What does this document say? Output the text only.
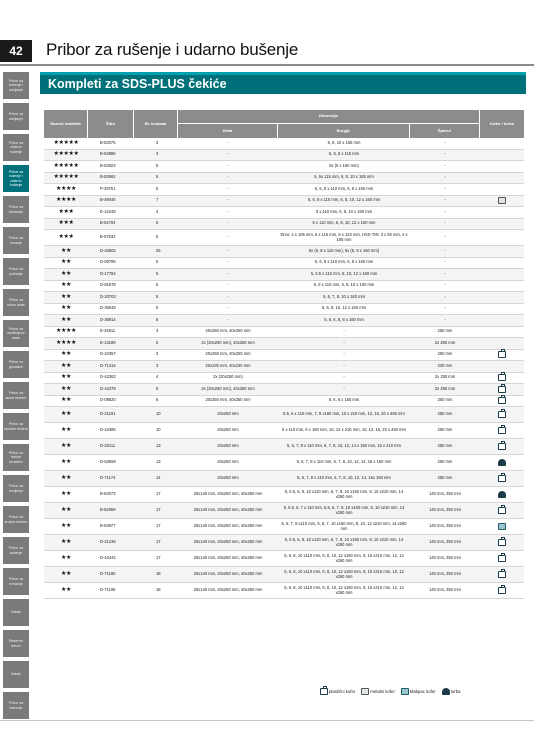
42	Pribor za rušenje i udarno bušenje
Pribor za bušenje i odvijanje
Pribor za odvijanje
Pribor za udarno bušenje
Pribor za rušenje i udarno bušenje
Pribor za brušenje
Pribor za rezanje
Pribor za poliranje
Pribor za ručne alate
Pribor za oscilirajuće alate
Pribor za glodalice
Pribor za stone testere
Pribor za ubodne testere
Pribor za tračne brusilice
Pribor za lemljenje
Pribor za kružne testere
Pribor za sečenje
Pribor za mešanje
Ostalo
Rezervni delovi
Ostalo
Pribor za merenje
Kompleti za SDS-PLUS čekiće
Razred kvaliteta	Šifra	Br. komada
Dimenzije
Dleta	Burgije	Špiceri
Kofer / torba
★★★★★	B-53075	3	-	6, 8, 10 x 165 mm	-
★★★★★	B-53986	3	-	5, 6, 8 x 115 mm	-
★★★★★	B-53923	5	-	5x (6 x 160 mm)	-
★★★★★	B-53992	5	-	5, 6x 115 mm, 6, 8, 10 x 165 mm	-
★★★★	P-29751	5	-	5, 6, 8 x 110 mm, 6, 8 x 160 mm	-
★★★★	B-49046	7	-	5, 6, 8 x 110 mm, 6, 8, 10, 12 x 160 mm	-
★★★	E-14249	4	-	5 x 110 mm, 6, 8, 10 x 160 mm	-
★★★	B-54704	5	-	6 x 110 mm, 6, 8, 10, 12 x 160 mm	-
★★★	B-57532	5	-	Drvo: 4 x 105 mm, 5 x 116 mm, 6 x 123 mm, HSS-TIN: 3 x 60 mm, 4 x 105 mm	-
★★	D-40602	25	-	5x (6, 8 x 110 mm), 5x (5, 8 x 160 mm)	-
★★	D-00785	5	-	5, 6, 8 x 110 mm, 6, 8 x 160 mm	-
★★	D-17784	5	-	5, 6.5 x 110 mm, 8, 10, 12 x 160 mm	-
★★	D-81878	5	-	6, 8 x 110 mm, 6, 8, 10 x 160 mm	-
★★	D-20703	5	-	5, 6, 7, 8, 10 x 160 mm	-
★★	D-36049	5	-	6, 6, 8, 10, 12 x 160 mm	-
★★	D-36914	5	-	5, 6, 6, 8, 8 x 160 mm	-
★★★★	E-34911	3	20x250 mm, 40x250 mm	-	250 mm
★★★★	E-13189	5	2x (20x250 mm), 40x250 mm	-	2x 250 mm
★★	D-42357	3	20x250 mm, 40x250 mm	-	250 mm
★★	D-71314	3	20x230 mm, 40x230 mm	-	230 mm
★★	D-42363	4	2x (20x250 mm)	-	2x 250 mm
★★	D-42379	5	2x (20x250 mm), 40x250 mm	-	2x 250 mm
★★	D-08820	6	20x250 mm, 40x250 mm	5, 6, 8 x 160 mm	250 mm
★★	D-21191	10	20x250 mm	5.5, 6 x 110 mm, 7, 8 x160 mm, 10 x 210 mm, 12, 16, 20 x 460 mm	250 mm
★★	D-42385	10	20x250 mm	6 x 110 mm, 6 x 160 mm, 10, 12 x 210 mm, 10, 12, 16, 20 x 460 mm	250 mm
★★	D-20111	13	20x250 mm	5, 6, 7, 8 x 110 mm, 6, 7, 8, 10, 12, 14 x 160 mm, 16 x 210 mm	250 mm
★★	D-53659	13	20x250 mm	5, 6, 7, 8 x 110 mm, 6, 7, 8, 10, 12, 14, 16 x 160 mm	250 mm
★★	D-71174	14	20x250 mm	5, 6, 7, 8 x 110 mm, 6, 7, 8, 10, 12, 14, 16x 160 mm	250 mm
★★	B-53073	17	20x140 mm, 20x250 mm, 40x250 mm	5, 5.5, 6, 8, 10 x110 mm, 6, 7, 8, 10 x160 mm, 8, 10 x210 mm, 14 x260 mm	140 mm, 250 mm
★★	B-52069	17	20x140 mm, 20x250 mm, 40x250 mm	5, 5.5, 6, 7 x 110 mm, 5.5, 6, 7, 8, 10 x160 mm, 8, 10 x210 mm, 14 x260 mm	140 mm, 250 mm
★★	B-53877	17	20x140 mm, 20x250 mm, 40x250 mm	5, 6, 7, 8 x110 mm, 5, 6, 7, 10 x160 mm, 8, 10, 12 x210 mm, 14 x260 mm	140 mm, 250 mm
★★	D-21236	17	20x140 mm, 20x250 mm, 40x250 mm	5, 5.5, 6, 8, 10 x110 mm, 6, 7, 8, 10 x160 mm, 8, 10 x210 mm, 14 x260 mm	140 mm, 250 mm
★★	D-42444	17	20x140 mm, 20x250 mm, 40x250 mm	5, 6, 8, 10 x110 mm, 6, 8, 10, 12 x160 mm, 8, 10 x210 mm, 12, 14 x260 mm	140 mm, 250 mm
★★	D-71180	18	20x140 mm, 20x250 mm, 40x250 mm	5, 6, 8, 10 x110 mm, 6, 8, 10, 12 x160 mm, 8, 10 x210 mm, 10, 12 x260 mm	140 mm, 250 mm
★★	D-71196	18	20x140 mm, 20x250 mm, 40x250 mm	5, 6, 8, 10 x110 mm, 6, 8, 10, 12 x160 mm, 8, 10 x210 mm, 12, 14 x260 mm	140 mm, 250 mm
plastični kofer	metalni kofer	Makpac kofer	torba
